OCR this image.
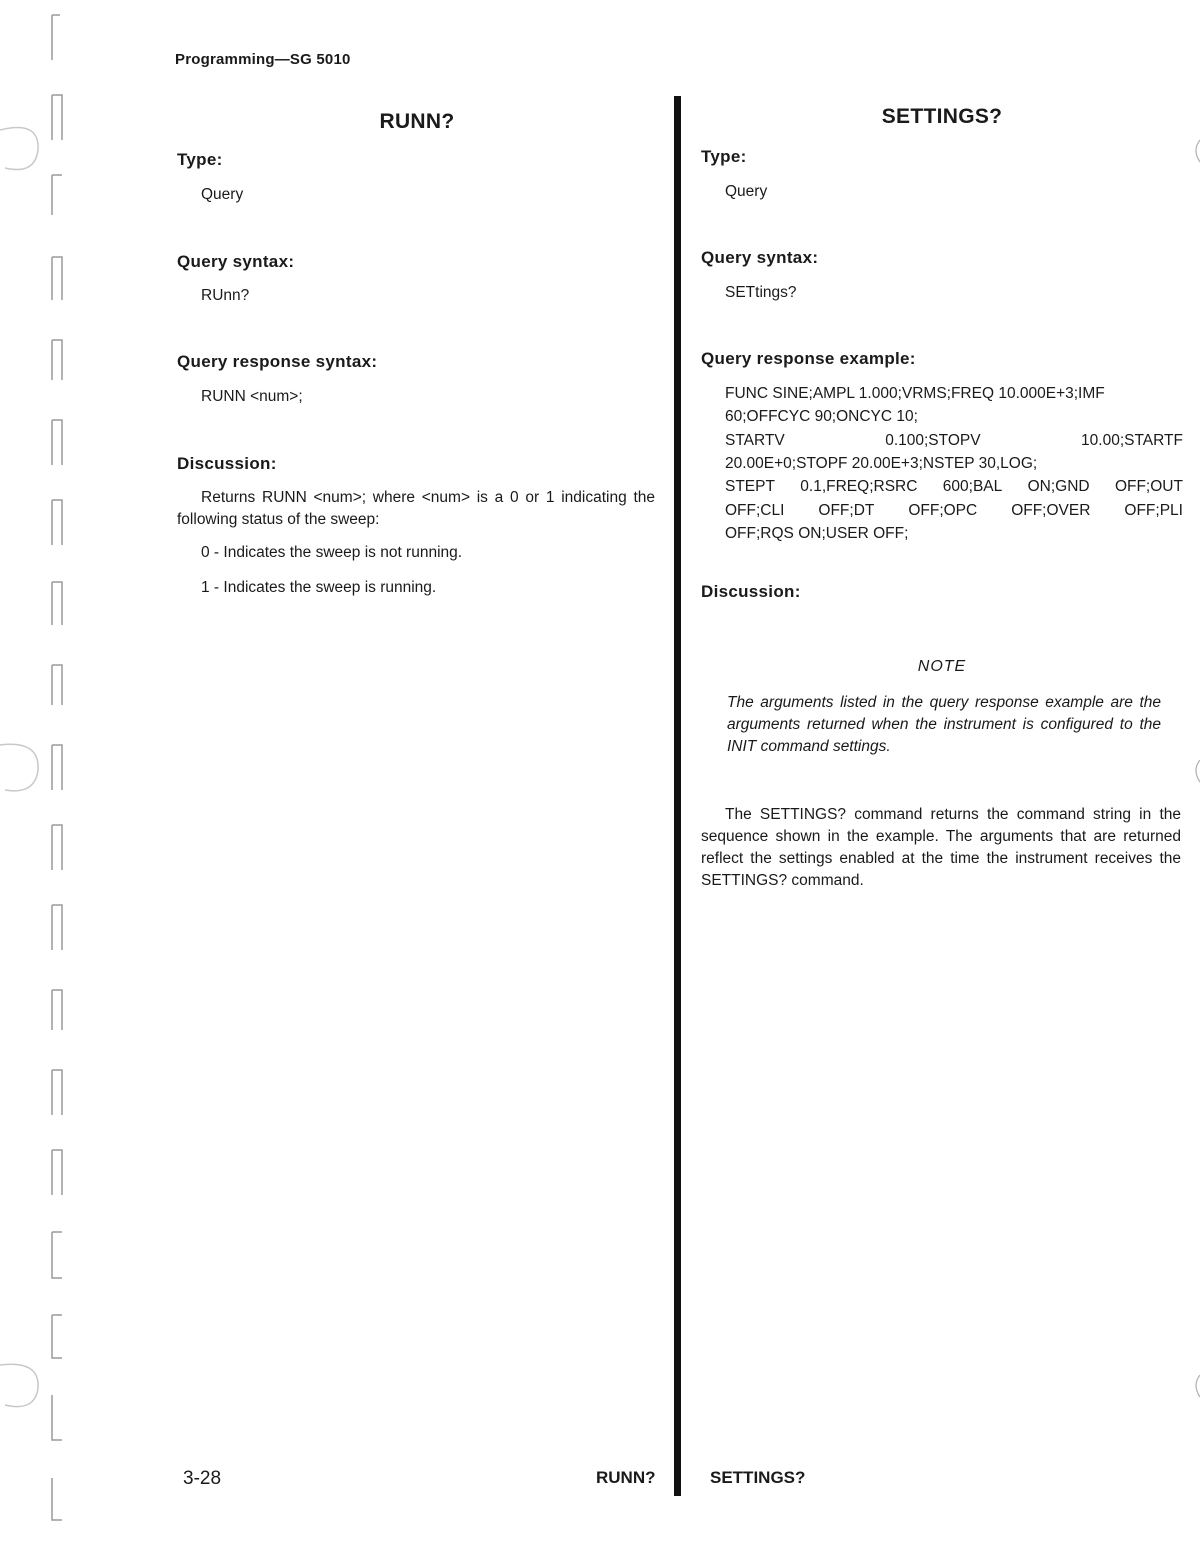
Programming—SG 5010
RUNN?
Type:
Query
Query syntax:
RUnn?
Query response syntax:
RUNN <num>;
Discussion:
Returns RUNN <num>; where <num> is a 0 or 1 indicating the following status of the sweep:
0 - Indicates the sweep is not running.
1 - Indicates the sweep is running.
SETTINGS?
Type:
Query
Query syntax:
SETtings?
Query response example:
FUNC SINE;AMPL 1.000;VRMS;FREQ 10.000E+3;IMF
60;OFFCYC 90;ONCYC 10;
STARTV	0.100;STOPV	10.00;STARTF
20.00E+0;STOPF 20.00E+3;NSTEP 30,LOG;
STEPT 0.1,FREQ;RSRC 600;BAL ON;GND OFF;OUT
OFF;CLI OFF;DT OFF;OPC OFF;OVER OFF;PLI
OFF;RQS ON;USER OFF;
Discussion:
NOTE
The arguments listed in the query response example are the arguments returned when the instrument is configured to the INIT command settings.
The SETTINGS? command returns the command string in the sequence shown in the example. The arguments that are returned reflect the settings enabled at the time the instrument receives the SETTINGS? command.
3-28	RUNN?	SETTINGS?
